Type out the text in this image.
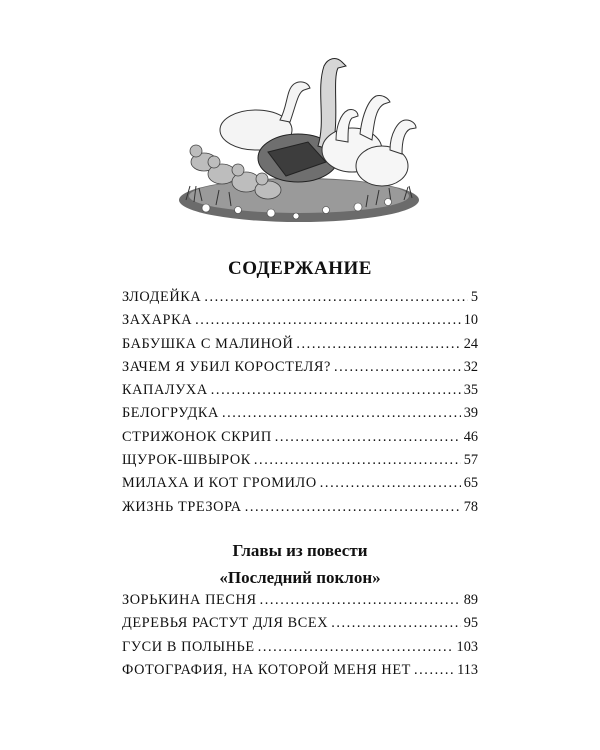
СОДЕРЖАНИЕ
ЗЛОДЕЙКА . . .	5
ЗАХАРКА . . .	10
БАБУШКА С МАЛИНОЙ . . .	24
ЗАЧЕМ Я УБИЛ КОРОСТЕЛЯ? . . .	32
КАПАЛУХА . . .	35
БЕЛОГРУДКА . . .	39
СТРИЖОНОК СКРИП . . .	46
ЩУРОК-ШВЫРОК . . .	57
МИЛАХА И КОТ ГРОМИЛО . . .	65
ЖИЗНЬ ТРЕЗОРА . . .	78
Главы из повести
«Последний поклон»
ЗОРЬКИНА ПЕСНЯ . . .	89
ДЕРЕВЬЯ РАСТУТ ДЛЯ ВСЕХ . . .	95
ГУСИ В ПОЛЫНЬЕ . . .	103
ФОТОГРАФИЯ, НА КОТОРОЙ МЕНЯ НЕТ . . .	113
